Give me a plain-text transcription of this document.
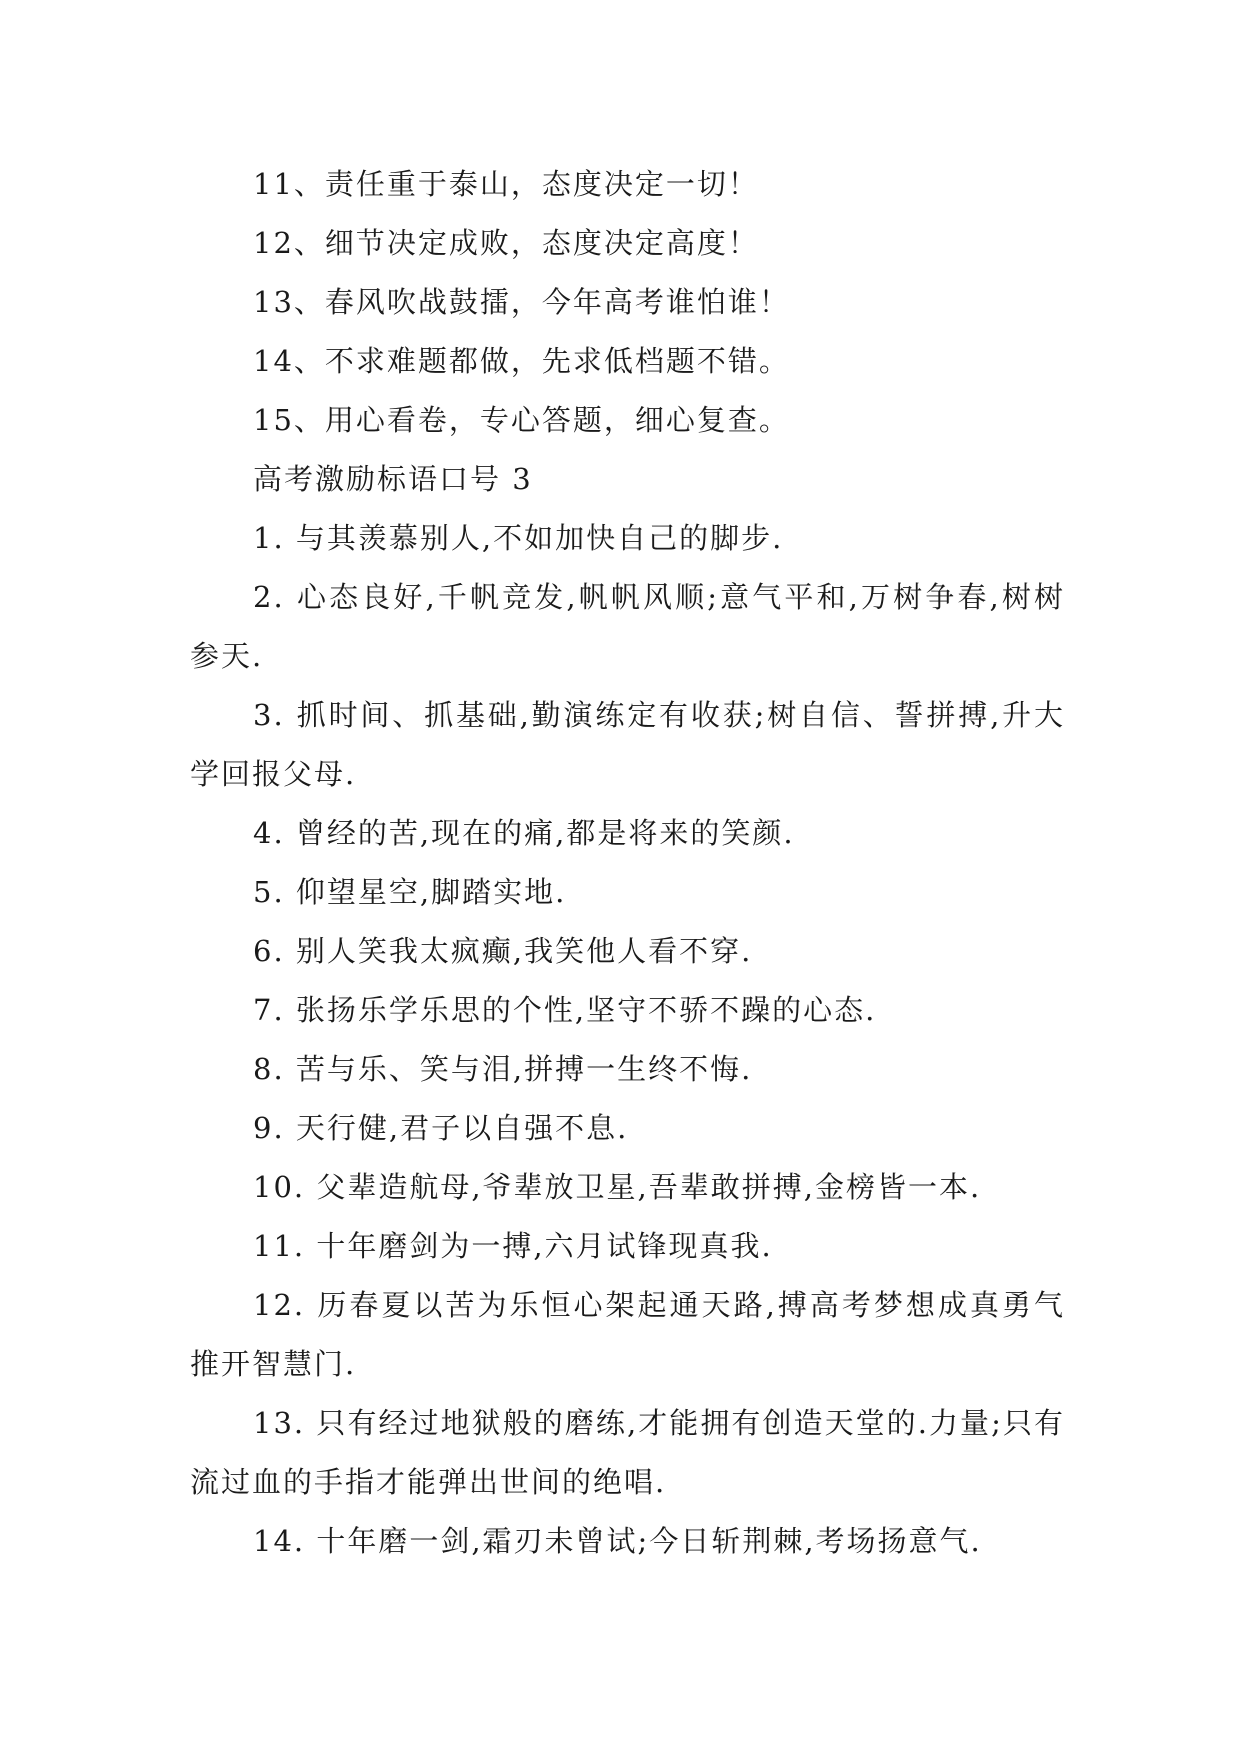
11、责任重于泰山，态度决定一切！

12、细节决定成败，态度决定高度！

13、春风吹战鼓擂，今年高考谁怕谁！

14、不求难题都做，先求低档题不错。

15、用心看卷，专心答题，细心复查。

高考激励标语口号 3

1. 与其羡慕别人,不如加快自己的脚步.

2. 心态良好,千帆竞发,帆帆风顺;意气平和,万树争春,树树参天.

3. 抓时间、抓基础,勤演练定有收获;树自信、誓拼搏,升大学回报父母.

4. 曾经的苦,现在的痛,都是将来的笑颜.

5. 仰望星空,脚踏实地.

6. 别人笑我太疯癫,我笑他人看不穿.

7. 张扬乐学乐思的个性,坚守不骄不躁的心态.

8. 苦与乐、笑与泪,拼搏一生终不悔.

9. 天行健,君子以自强不息.

10. 父辈造航母,爷辈放卫星,吾辈敢拼搏,金榜皆一本.

11. 十年磨剑为一搏,六月试锋现真我.

12. 历春夏以苦为乐恒心架起通天路,搏高考梦想成真勇气推开智慧门.

13. 只有经过地狱般的磨练,才能拥有创造天堂的.力量;只有流过血的手指才能弹出世间的绝唱.

14. 十年磨一剑,霜刃未曾试;今日斩荆棘,考场扬意气.
